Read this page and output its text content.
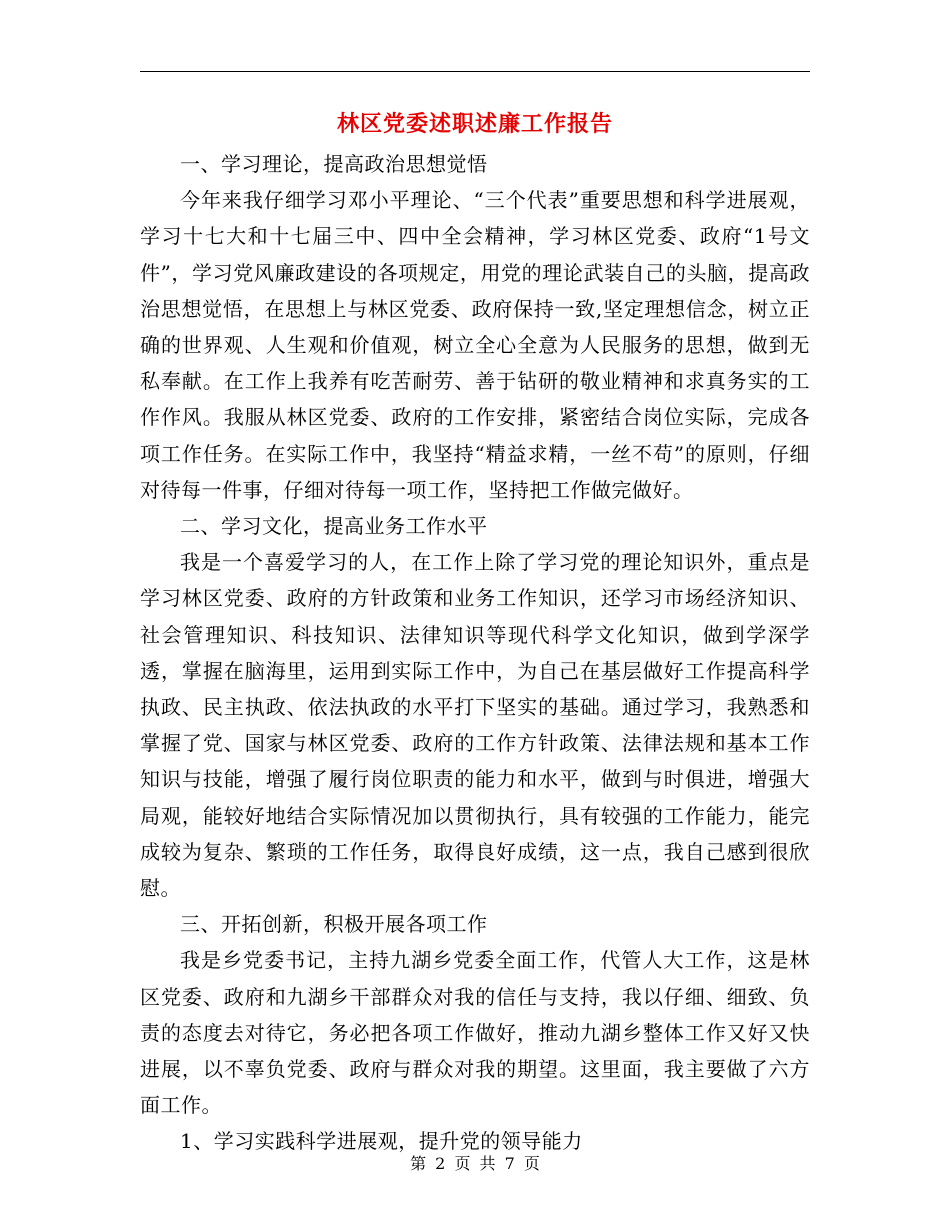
林区党委述职述廉工作报告

一、学习理论，提高政治思想觉悟

今年来我仔细学习邓小平理论、“三个代表”重要思想和科学进展观，学习十七大和十七届三中、四中全会精神，学习林区党委、政府“1号文件”，学习党风廉政建设的各项规定，用党的理论武装自己的头脑，提高政治思想觉悟，在思想上与林区党委、政府保持一致,坚定理想信念，树立正确的世界观、人生观和价值观，树立全心全意为人民服务的思想，做到无私奉献。在工作上我养有吃苦耐劳、善于钻研的敬业精神和求真务实的工作作风。我服从林区党委、政府的工作安排，紧密结合岗位实际，完成各项工作任务。在实际工作中，我坚持“精益求精，一丝不苟”的原则，仔细对待每一件事，仔细对待每一项工作，坚持把工作做完做好。

二、学习文化，提高业务工作水平

我是一个喜爱学习的人，在工作上除了学习党的理论知识外，重点是学习林区党委、政府的方针政策和业务工作知识，还学习市场经济知识、社会管理知识、科技知识、法律知识等现代科学文化知识，做到学深学透，掌握在脑海里，运用到实际工作中，为自己在基层做好工作提高科学执政、民主执政、依法执政的水平打下坚实的基础。通过学习，我熟悉和掌握了党、国家与林区党委、政府的工作方针政策、法律法规和基本工作知识与技能，增强了履行岗位职责的能力和水平，做到与时俱进，增强大局观，能较好地结合实际情况加以贯彻执行，具有较强的工作能力，能完成较为复杂、繁琐的工作任务，取得良好成绩，这一点，我自己感到很欣慰。

三、开拓创新，积极开展各项工作

我是乡党委书记，主持九湖乡党委全面工作，代管人大工作，这是林区党委、政府和九湖乡干部群众对我的信任与支持，我以仔细、细致、负责的态度去对待它，务必把各项工作做好，推动九湖乡整体工作又好又快进展，以不辜负党委、政府与群众对我的期望。这里面，我主要做了六方面工作。

1、学习实践科学进展观，提升党的领导能力

第 2 页 共 7 页
